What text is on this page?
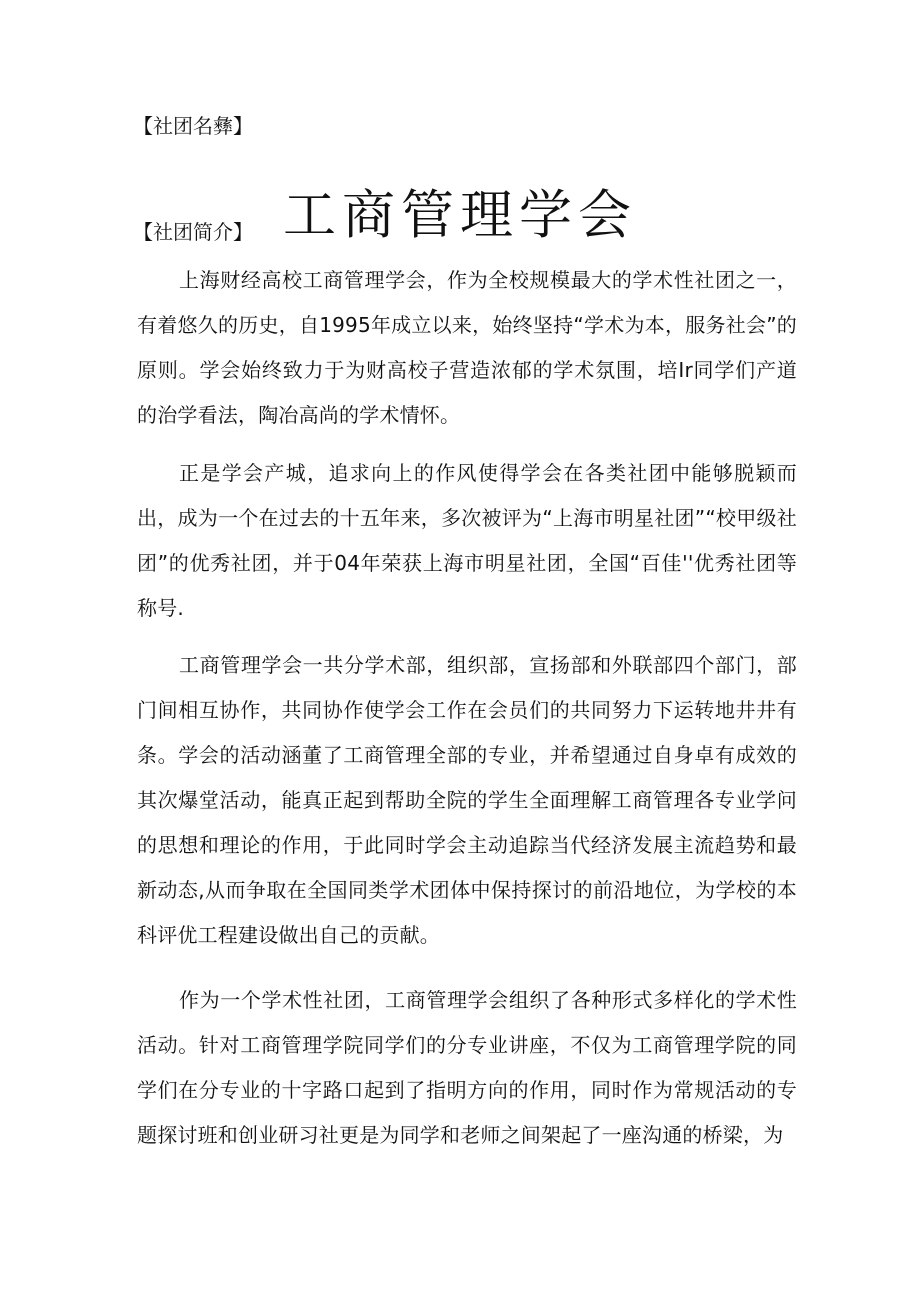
【社团名彝】
工商管理学会
【社团简介】

上海财经高校工商管理学会，作为全校规模最大的学术性社团之一，有着悠久的历史，自1995年成立以来，始终坚持“学术为本，服务社会”的原则。学会始终致力于为财高校子营造浓郁的学术氛围，培Ir同学们产道的治学看法，陶冶高尚的学术情怀。

正是学会产城，追求向上的作风使得学会在各类社团中能够脱颖而出，成为一个在过去的十五年来，多次被评为“上海市明星社团”“校甲级社团”的优秀社团，并于04年荣获上海市明星社团，全国“百佳''优秀社团等称号.

工商管理学会一共分学术部，组织部，宣扬部和外联部四个部门，部门间相互协作，共同协作使学会工作在会员们的共同努力下运转地井井有条。学会的活动涵董了工商管理全部的专业，并希望通过自身卓有成效的其次爆堂活动，能真正起到帮助全院的学生全面理解工商管理各专业学问的思想和理论的作用，于此同时学会主动追踪当代经济发展主流趋势和最新动态,从而争取在全国同类学术团体中保持探讨的前沿地位，为学校的本科评优工程建设做出自己的贡献。

作为一个学术性社团，工商管理学会组织了各种形式多样化的学术性活动。针对工商管理学院同学们的分专业讲座，不仅为工商管理学院的同学们在分专业的十字路口起到了指明方向的作用，同时作为常规活动的专题探讨班和创业研习社更是为同学和老师之间架起了一座沟通的桥梁，为
